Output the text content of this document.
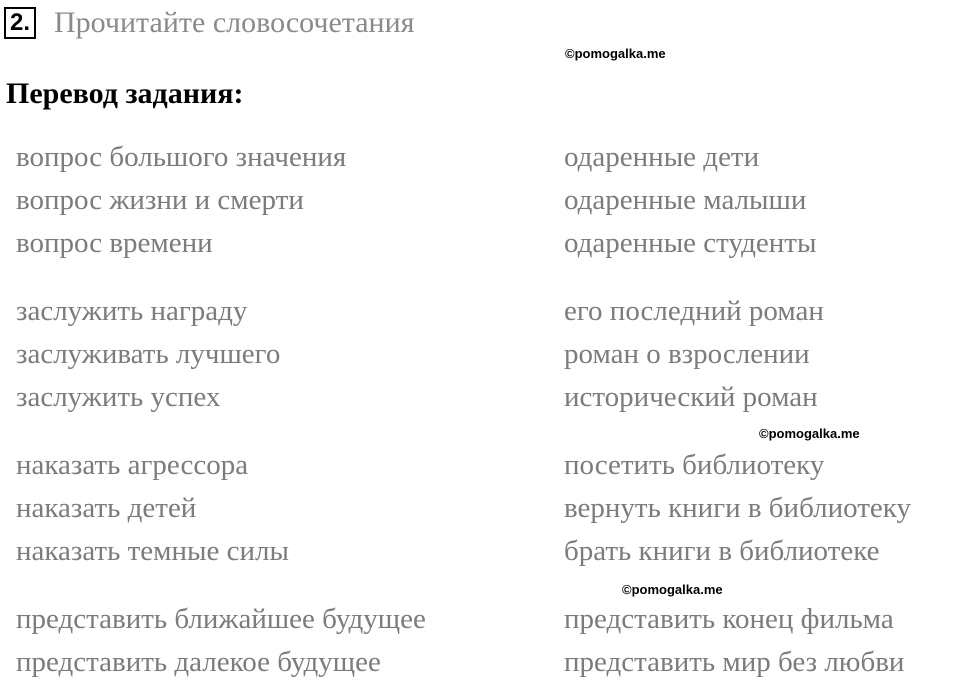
2. Прочитайте словосочетания
©pomogalka.me
Перевод задания:
вопрос большого значения	одаренные дети
вопрос жизни и смерти	одаренные малыши
вопрос времени	одаренные студенты
заслужить награду	его последний роман
заслуживать лучшего	роман о взрослении
заслужить успех	исторический роман
©pomogalka.me
наказать агрессора	посетить библиотеку
наказать детей	вернуть книги в библиотеку
наказать темные силы	брать книги в библиотеке
©pomogalka.me
представить ближайшее будущее	представить конец фильма
представить далекое будущее	представить мир без любви
